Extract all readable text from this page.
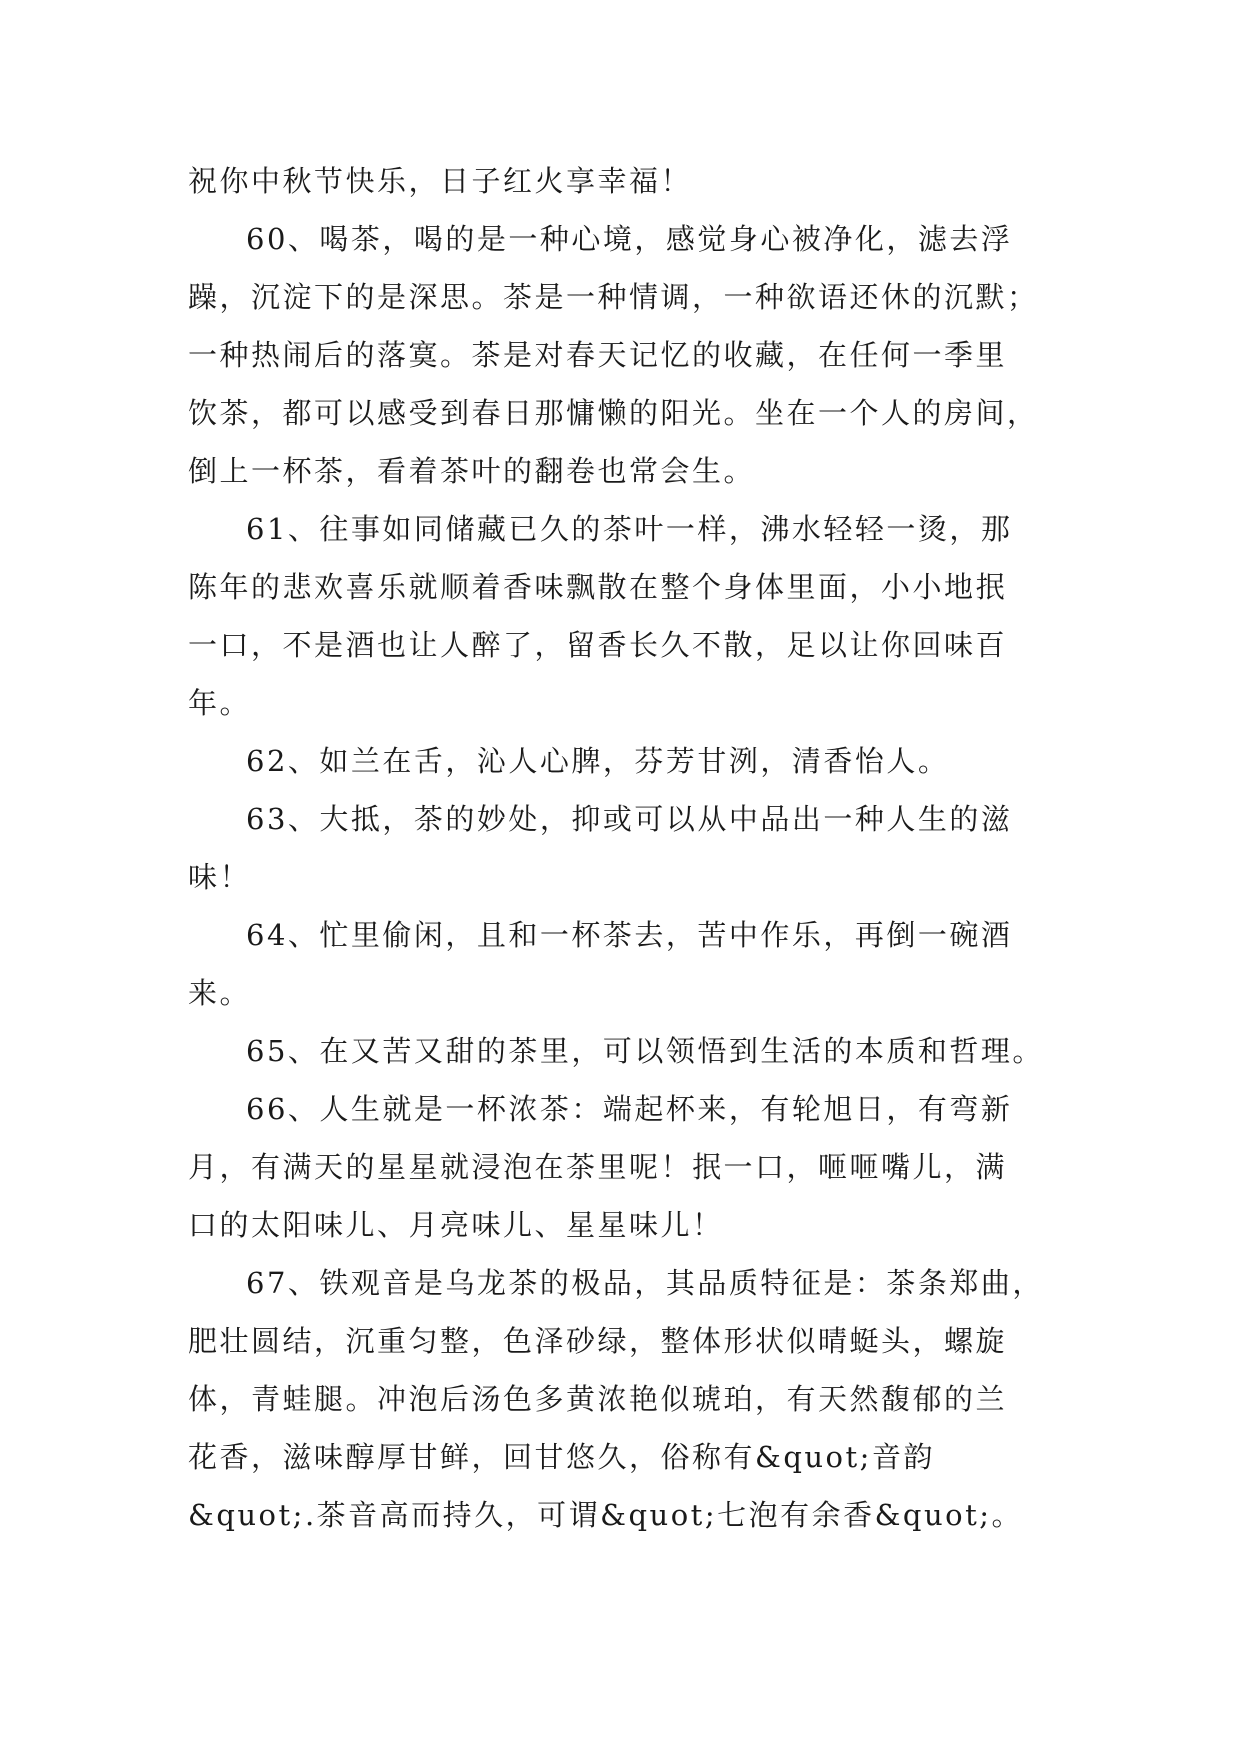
祝你中秋节快乐，日子红火享幸福！
60、喝茶，喝的是一种心境，感觉身心被净化，滤去浮
躁，沉淀下的是深思。茶是一种情调，一种欲语还休的沉默；
一种热闹后的落寞。茶是对春天记忆的收藏，在任何一季里
饮茶，都可以感受到春日那慵懒的阳光。坐在一个人的房间，
倒上一杯茶，看着茶叶的翻卷也常会生。
61、往事如同储藏已久的茶叶一样，沸水轻轻一烫，那
陈年的悲欢喜乐就顺着香味飘散在整个身体里面，小小地抿
一口，不是酒也让人醉了，留香长久不散，足以让你回味百
年。
62、如兰在舌，沁人心脾，芬芳甘洌，清香怡人。
63、大抵，茶的妙处，抑或可以从中品出一种人生的滋
味！
64、忙里偷闲，且和一杯茶去，苦中作乐，再倒一碗酒
来。
65、在又苦又甜的茶里，可以领悟到生活的本质和哲理。
66、人生就是一杯浓茶：端起杯来，有轮旭日，有弯新
月，有满天的星星就浸泡在茶里呢！抿一口，咂咂嘴儿，满
口的太阳味儿、月亮味儿、星星味儿！
67、铁观音是乌龙茶的极品，其品质特征是：茶条郑曲，
肥壮圆结，沉重匀整，色泽砂绿，整体形状似晴蜓头，螺旋
体，青蛙腿。冲泡后汤色多黄浓艳似琥珀，有天然馥郁的兰
花香，滋味醇厚甘鲜，回甘悠久，俗称有&quot;音韵
&quot;.茶音高而持久，可谓&quot;七泡有余香&quot;。
